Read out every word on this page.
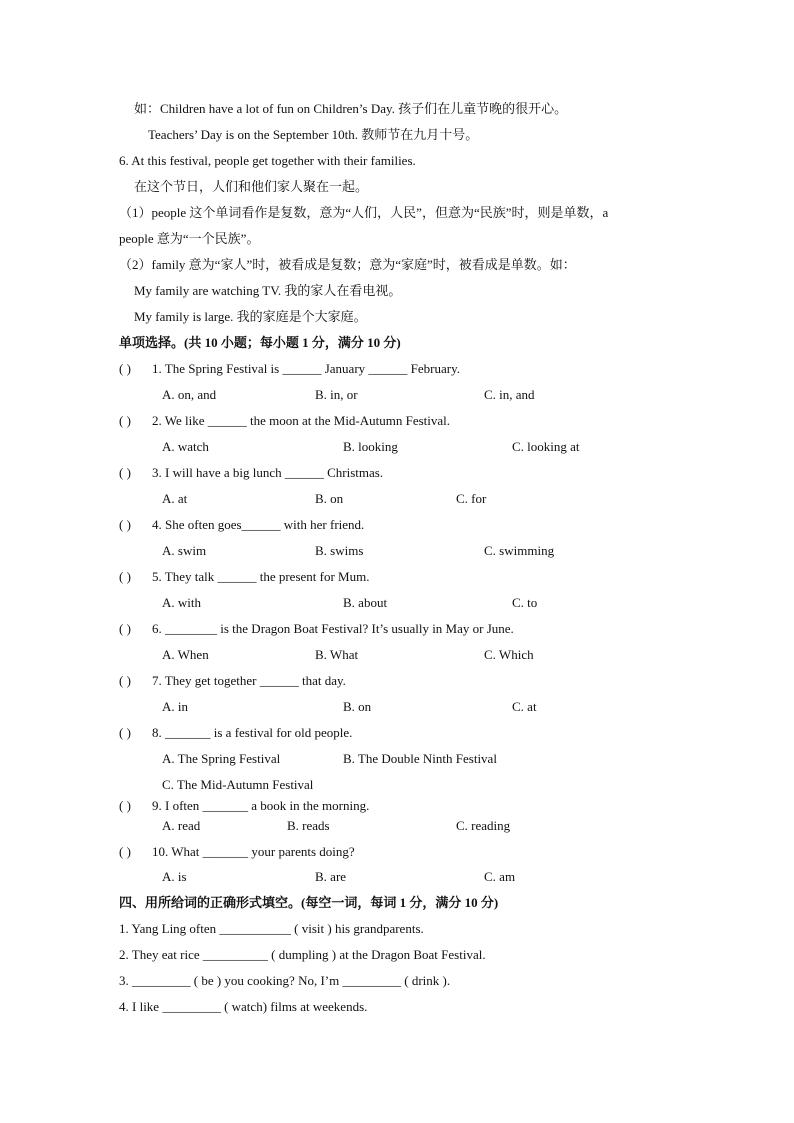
如：Children have a lot of fun on Children’s Day. 孩子们在儿童节晚的很开心。
Teachers’ Day is on the September 10th. 教师节在九月十号。
6. At this festival, people get together with their families.
在这个节日，人们和他们家人聚在一起。
（1）people 这个单词看作是复数，意为“人们，人民”，但意为“民族”时，则是单数，a
people 意为“一个民族”。
（2）family 意为“家人”时，被看成是复数；意为“家庭”时，被看成是单数。如：
My family are watching TV. 我的家人在看电视。
My family is large. 我的家庭是个大家庭。
单项选择。(共 10 小题；每小题 1 分，满分 10 分)
( ) 1. The Spring Festival is ______ January ______ February.
A. on, and	B. in, or	C. in, and
( ) 2. We like ______ the moon at the Mid-Autumn Festival.
A. watch	B. looking	C. looking at
( ) 3. I will have a big lunch ______ Christmas.
A. at	B. on	C. for
( ) 4. She often goes______ with her friend.
A. swim	B. swims	C. swimming
( ) 5. They talk ______ the present for Mum.
A. with	B. about	C. to
( ) 6. ________ is the Dragon Boat Festival? It’s usually in May or June.
A. When	B. What	C. Which
( ) 7. They get together ______ that day.
A. in	B. on	C. at
( ) 8. _______ is a festival for old people.
A. The Spring Festival	B. The Double Ninth Festival
C. The Mid-Autumn Festival
( ) 9. I often _______ a book in the morning.
A. read	B. reads	C. reading
( ) 10. What _______ your parents doing?
A. is	B. are	C. am
四、用所给词的正确形式填空。(每空一词，每词 1 分，满分 10 分)
1. Yang Ling often ___________ ( visit ) his grandparents.
2. They eat rice __________ ( dumpling ) at the Dragon Boat Festival.
3. _________ ( be ) you cooking? No, I’m _________ ( drink ).
4. I like _________ ( watch) films at weekends.
